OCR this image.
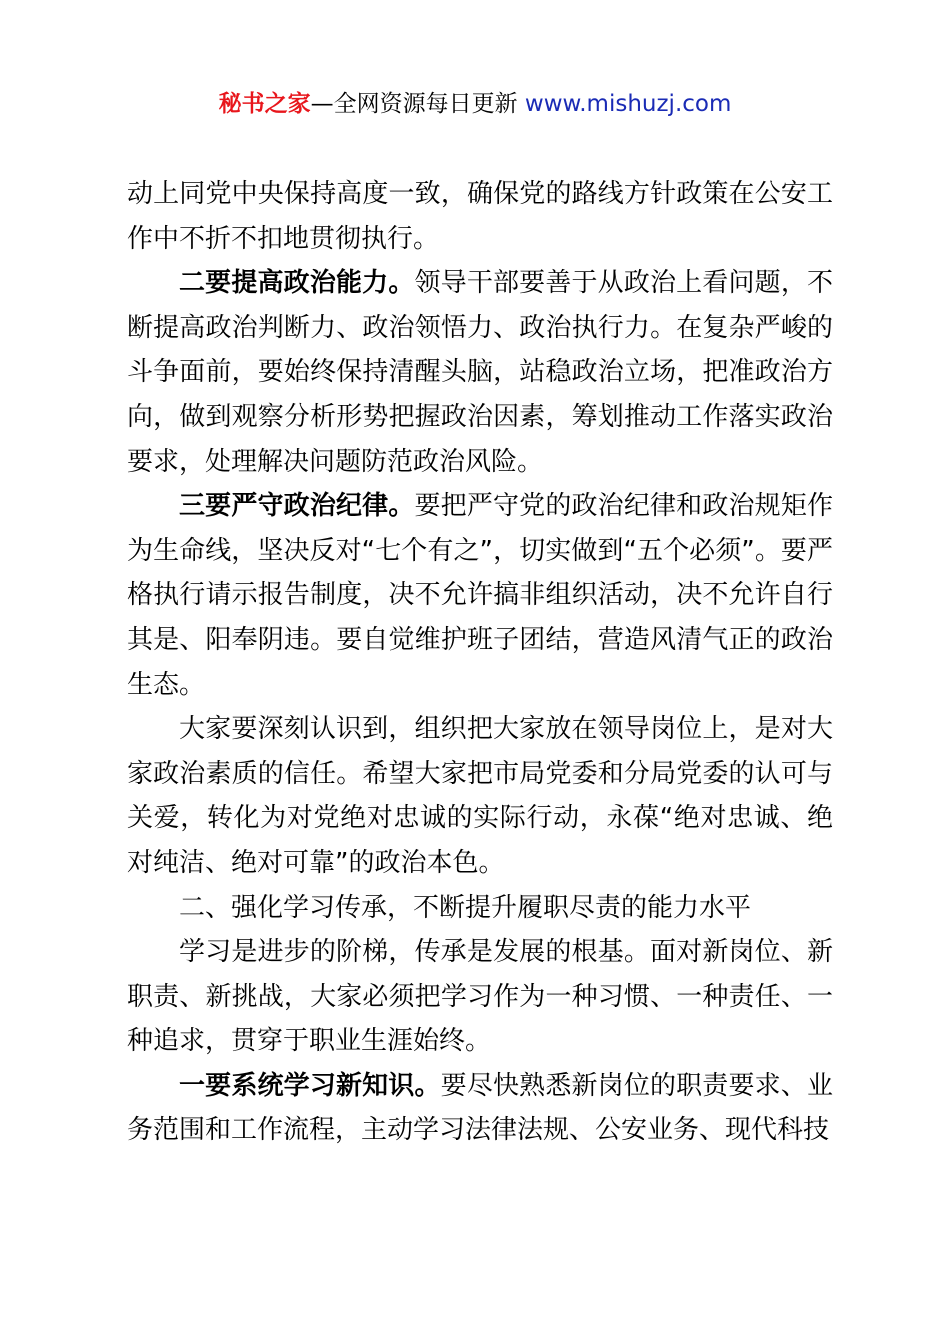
秘书之家—全网资源每日更新 www.mishuzj.com

动上同党中央保持高度一致，确保党的路线方针政策在公安工作中不折不扣地贯彻执行。

二要提高政治能力。领导干部要善于从政治上看问题，不断提高政治判断力、政治领悟力、政治执行力。在复杂严峻的斗争面前，要始终保持清醒头脑，站稳政治立场，把准政治方向，做到观察分析形势把握政治因素，筹划推动工作落实政治要求，处理解决问题防范政治风险。

三要严守政治纪律。要把严守党的政治纪律和政治规矩作为生命线，坚决反对“七个有之”，切实做到“五个必须”。要严格执行请示报告制度，决不允许搞非组织活动，决不允许自行其是、阳奉阴违。要自觉维护班子团结，营造风清气正的政治生态。

大家要深刻认识到，组织把大家放在领导岗位上，是对大家政治素质的信任。希望大家把市局党委和分局党委的认可与关爱，转化为对党绝对忠诚的实际行动，永葆“绝对忠诚、绝对纯洁、绝对可靠”的政治本色。

二、强化学习传承，不断提升履职尽责的能力水平

学习是进步的阶梯，传承是发展的根基。面对新岗位、新职责、新挑战，大家必须把学习作为一种习惯、一种责任、一种追求，贯穿于职业生涯始终。

一要系统学习新知识。要尽快熟悉新岗位的职责要求、业务范围和工作流程，主动学习法律法规、公安业务、现代科技
